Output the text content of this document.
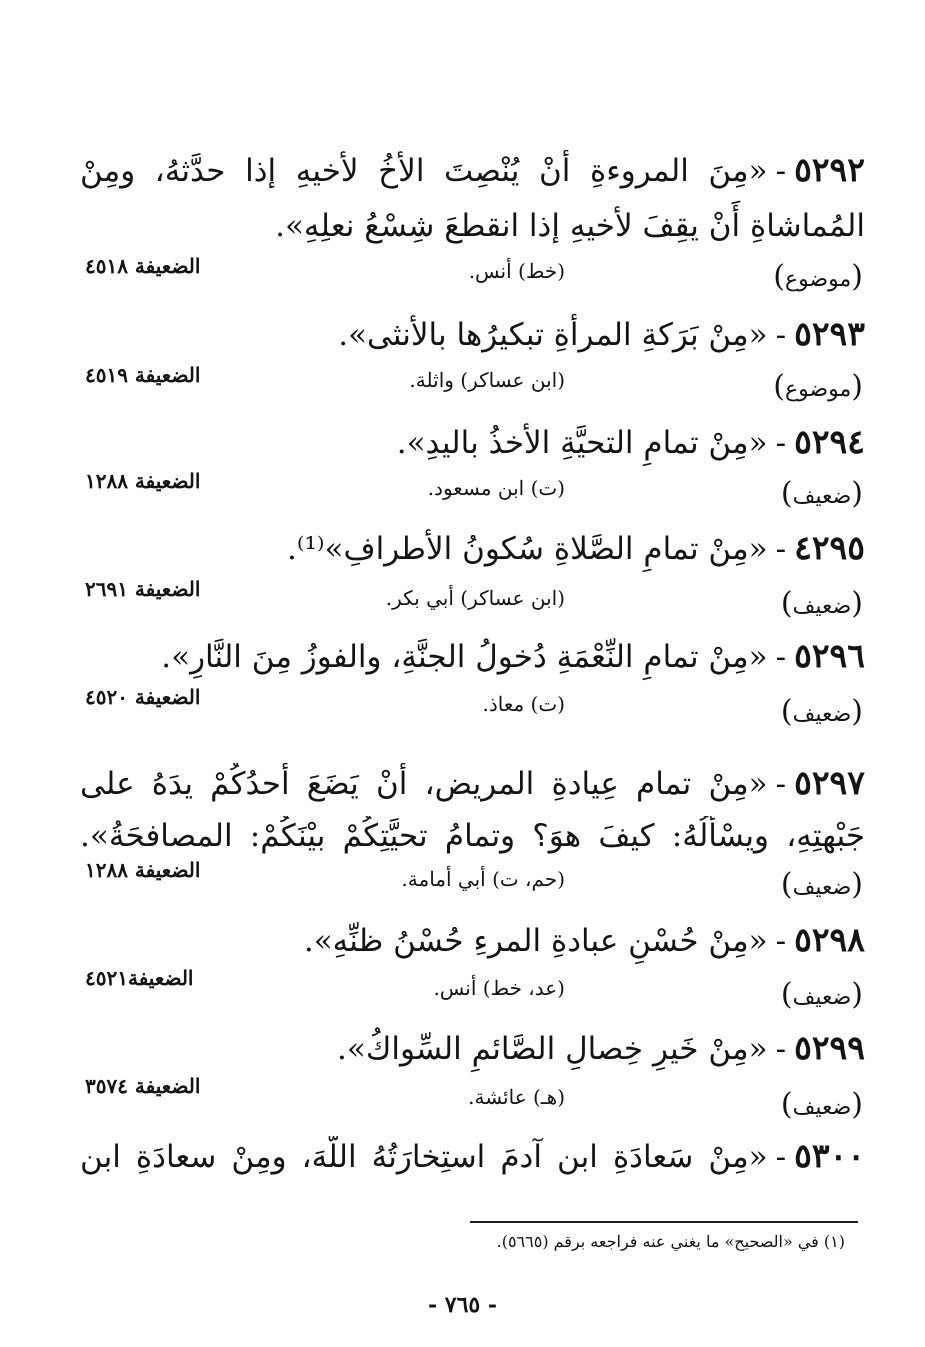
٥٢٩٢-«مِنَ المروءةِ أَنْ يُنْصِتَ الأخُ لأخيهِ إذا حدَّثهُ، ومِنْ
المُماشاةِ أَنْ يقِفَ لأخيهِ إذا انقطعَ شِسْعُ نعلِهِ».
(موضوع)
(خط) أنس.
الضعيفة ٤٥١٨
٥٢٩٣-«مِنْ بَرَكةِ المرأةِ تبكيرُها بالأنثى».
(موضوع)
(ابن عساكر) واثلة.
الضعيفة ٤٥١٩
٥٢٩٤-«مِنْ تمامِ التحيَّةِ الأخذُ باليدِ».
(ضعيف)
(ت) ابن مسعود.
الضعيفة ١٢٨٨
٤٢٩٥-«مِنْ تمامِ الصَّلاةِ سُكونُ الأطرافِ»⁽¹⁾.
(ضعيف)
(ابن عساكر) أبي بكر.
الضعيفة ٢٦٩١
٥٢٩٦-«مِنْ تمامِ النِّعْمَةِ دُخولُ الجنَّةِ، والفوزُ مِنَ النَّارِ».
(ضعيف)
(ت) معاذ.
الضعيفة ٤٥٢٠
٥٢٩٧-«مِنْ تمامِ عِيادةِ المريضِ، أَنْ يَضَعَ أحدُكُمْ يدَهُ على
جَبْهتِهِ، ويسْألُهُ: كيفَ هوَ؟ وتمامُ تحيَّتِكُمْ بيْنَكُمْ: المصافحَةُ».
(ضعيف)
(حم، ت) أبي أمامة.
الضعيفة ١٢٨٨
٥٢٩٨-«مِنْ حُسْنِ عبادةِ المرءِ حُسْنُ ظنِّهِ».
(ضعيف)
(عد، خط) أنس.
الضعيفة٤٥٢١
٥٢٩٩-«مِنْ خَيرِ خِصالِ الصَّائمِ السِّواكُ».
(ضعيف)
(هـ) عائشة.
الضعيفة ٣٥٧٤
٥٣٠٠-«مِنْ سَعادَةِ ابنِ آدمَ استِخارَتُهُ اللَّهَ، ومِنْ سعادَةِ ابنِ
(١) في «الصحيح» ما يغني عنه فراجعه برقم (٥٦٦٥).
- ٧٦٥ -
